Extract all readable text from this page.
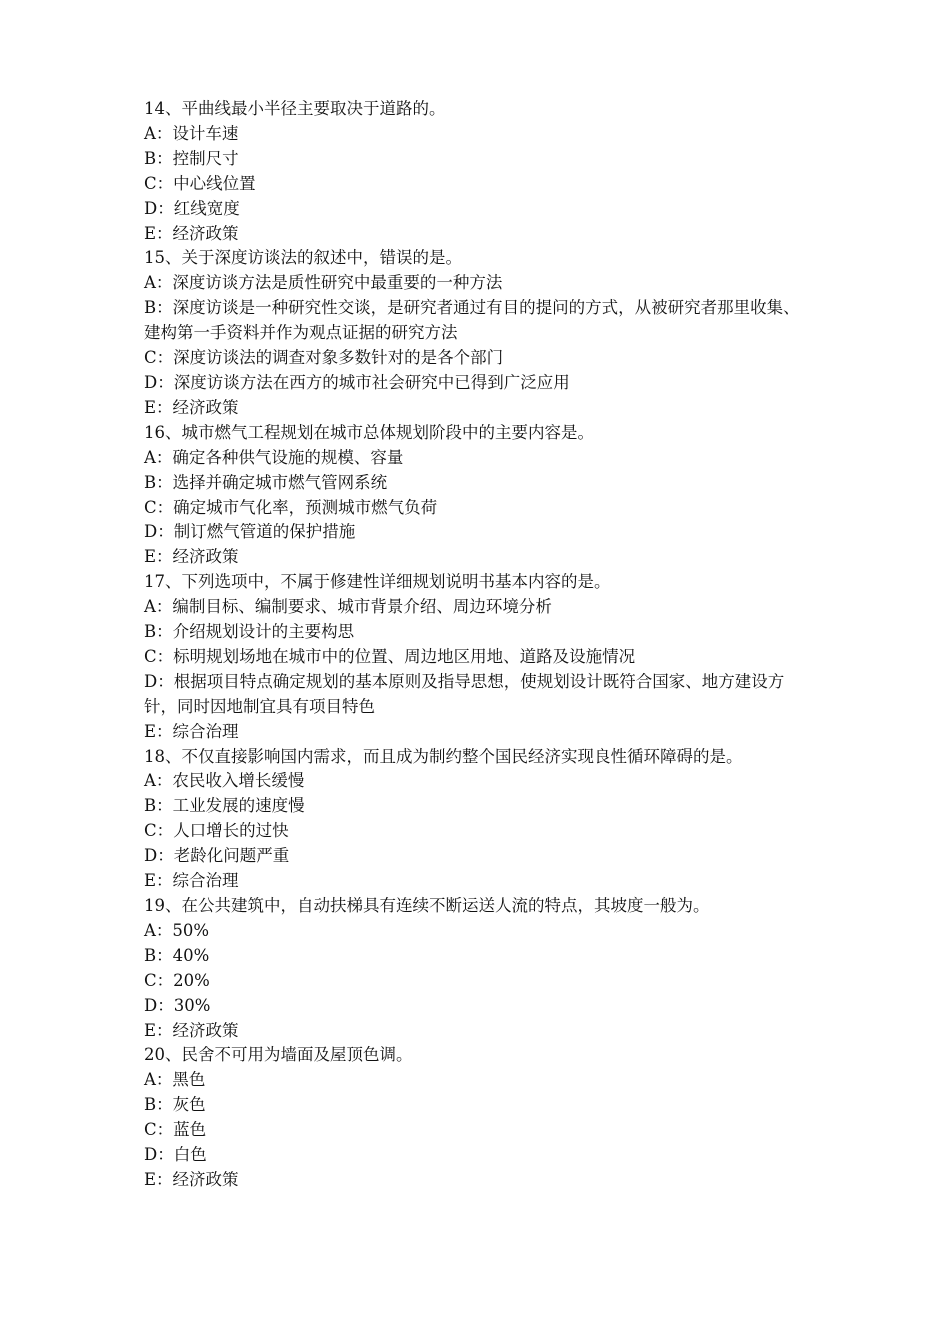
14、平曲线最小半径主要取决于道路的。

A：设计车速

B：控制尺寸

C：中心线位置

D：红线宽度

E：经济政策

15、关于深度访谈法的叙述中，错误的是。

A：深度访谈方法是质性研究中最重要的一种方法

B：深度访谈是一种研究性交谈，是研究者通过有目的提问的方式，从被研究者那里收集、建构第一手资料并作为观点证据的研究方法

C：深度访谈法的调查对象多数针对的是各个部门

D：深度访谈方法在西方的城市社会研究中已得到广泛应用

E：经济政策

16、城市燃气工程规划在城市总体规划阶段中的主要内容是。

A：确定各种供气设施的规模、容量

B：选择并确定城市燃气管网系统

C：确定城市气化率，预测城市燃气负荷

D：制订燃气管道的保护措施

E：经济政策

17、下列选项中，不属于修建性详细规划说明书基本内容的是。

A：编制目标、编制要求、城市背景介绍、周边环境分析

B：介绍规划设计的主要构思

C：标明规划场地在城市中的位置、周边地区用地、道路及设施情况

D：根据项目特点确定规划的基本原则及指导思想，使规划设计既符合国家、地方建设方针，同时因地制宜具有项目特色

E：综合治理

18、不仅直接影响国内需求，而且成为制约整个国民经济实现良性循环障碍的是。

A：农民收入增长缓慢

B：工业发展的速度慢

C：人口增长的过快

D：老龄化问题严重

E：综合治理

19、在公共建筑中，自动扶梯具有连续不断运送人流的特点，其坡度一般为。

A：50%

B：40%

C：20%

D：30%

E：经济政策

20、民舍不可用为墙面及屋顶色调。

A：黑色

B：灰色

C：蓝色

D：白色

E：经济政策
